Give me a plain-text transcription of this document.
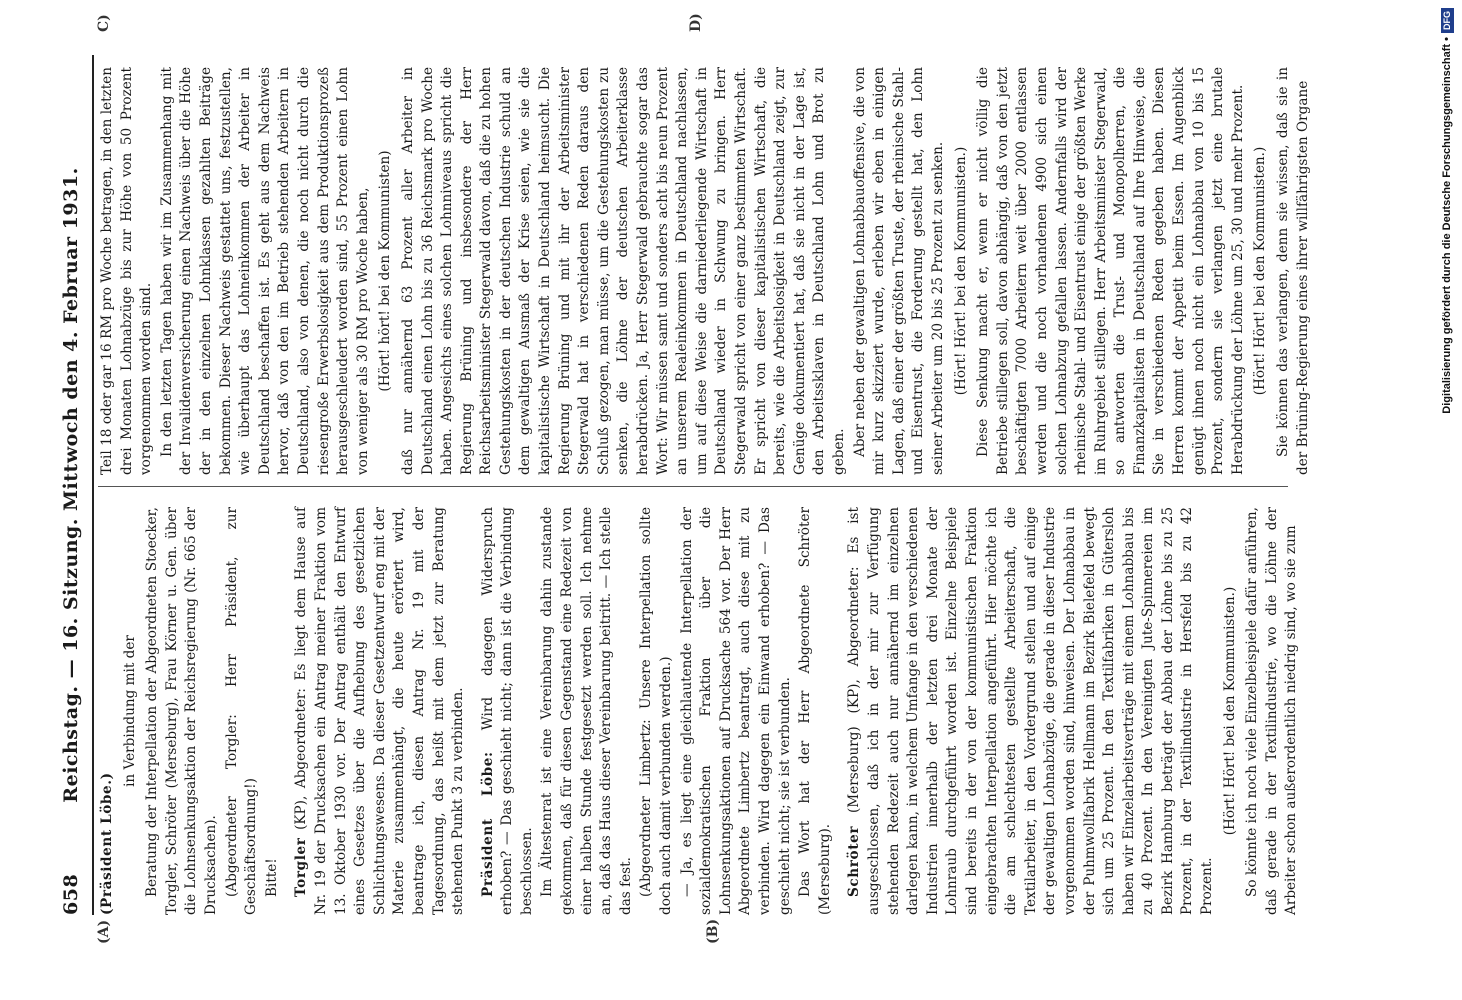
658
Reichstag. — 16. Sitzung. Mittwoch den 4. Februar 1931.
(A)	(B)
C)	D)

(Präsident Löbe.)

in Verbindung mit der Beratung der Interpellation der Abgeordneten Stoecker, Torgler, Schröter (Merseburg), Frau Körner u. Gen. über die Lohnsenkungsaktion der Reichsregierung (Nr. 665 der Drucksachen). (Abgeordneter Torgler: Herr Präsident, zur Geschäftsordnung!) Bitte! Torgler (KP), Abgeordneter: Es liegt dem Hause auf Nr. 19 der Drucksachen ein Antrag meiner Fraktion vom 13. Oktober 1930 vor. Der Antrag enthält den Entwurf eines Gesetzes über die Aufhebung des gesetzlichen Schlichtungswesens. Da dieser Gesetzentwurf eng mit der Materie zusammenhängt, die heute erörtert wird, beantrage ich, diesen Antrag Nr. 19 mit der Tagesordnung, das heißt mit dem jetzt zur Beratung stehenden Punkt 3 zu verbinden. Präsident Löbe: Wird dagegen Widerspruch erhoben? — Das geschieht nicht; dann ist die Verbindung beschlossen. Im Ältestenrat ist eine Vereinbarung dahin zustande gekommen, daß für diesen Gegenstand eine Redezeit von einer halben Stunde festgesetzt werden soll. Ich nehme an, daß das Haus dieser Vereinbarung beitritt. — Ich stelle das fest. (Abgeordneter Limbertz: Unsere Interpellation sollte doch auch damit verbunden werden.) — Ja, es liegt eine gleichlautende Interpellation der sozialdemokratischen Fraktion über die Lohnsenkungsaktionen auf Drucksache 564 vor. Der Herr Abgeordnete Limbertz beantragt, auch diese mit zu verbinden. Wird dagegen ein Einwand erhoben? — Das geschieht nicht; sie ist verbunden. Das Wort hat der Herr Abgeordnete Schröter (Merseburg). Schröter (Merseburg) (KP), Abgeordneter: Es ist ausgeschlossen, daß ich in der mir zur Verfügung stehenden Redezeit auch nur annähernd im einzelnen darlegen kann, in welchem Umfange in den verschiedenen Industrien innerhalb der letzten drei Monate der Lohnraub durchgeführt worden ist. Einzelne Beispiele sind bereits in der von der kommunistischen Fraktion eingebrachten Interpellation angeführt. Hier möchte ich die am schlechtesten gestellte Arbeiterschaft, die Textilarbeiter, in den Vordergrund stellen und auf einige der gewaltigen Lohnabzüge, die gerade in dieser Industrie vorgenommen worden sind, hinweisen. Der Lohnabbau in der Puhmwollfabrik Hellmann im Bezirk Bielefeld bewegt sich um 25 Prozent. In den Textilfabriken in Gütersloh haben wir Einzelarbeitsverträge mit einem Lohnabbau bis zu 40 Prozent. In den Vereinigten Jute-Spinnereien im Bezirk Hamburg beträgt der Abbau der Löhne bis zu 25 Prozent, in der Textilindustrie in Hersfeld bis zu 42 Prozent.

(Hört! Hört! bei den Kommunisten.) So könnte ich noch viele Einzelbeispiele dafür anführen, daß gerade in der Textilindustrie, wo die Löhne der Arbeiter schon außerordentlich niedrig sind, wo sie zum

Teil 18 oder gar 16 RM pro Woche betragen, in den letzten drei Monaten Lohnabzüge bis zur Höhe von 50 Prozent vorgenommen worden sind. In den letzten Tagen haben wir im Zusammenhang mit der Invalidenversicherung einen Nachweis über die Höhe der in den einzelnen Lohnklassen gezahlten Beiträge bekommen. Dieser Nachweis gestattet uns, festzustellen, wie überhaupt das Lohneinkommen der Arbeiter in Deutschland beschaffen ist. Es geht aus dem Nachweis hervor, daß von den im Betrieb stehenden Arbeitern in Deutschland, also von denen, die noch nicht durch die riesengroße Erwerbslosigkeit aus dem Produktionsprozeß herausgeschleudert worden sind, 55 Prozent einen Lohn von weniger als 30 RM pro Woche haben, (Hört! hört! bei den Kommunisten) daß nur annähernd 63 Prozent aller Arbeiter in Deutschland einen Lohn bis zu 36 Reichsmark pro Woche haben. Angesichts eines solchen Lohnniveaus spricht die Regierung Brüning und insbesondere der Herr Reichsarbeitsminister Stegerwald davon, daß die zu hohen Gestehungskosten in der deutschen Industrie schuld an dem gewaltigen Ausmaß der Krise seien, wie sie die kapitalistische Wirtschaft in Deutschland heimsucht. Die Regierung Brüning und mit ihr der Arbeitsminister Stegerwald hat in verschiedenen Reden daraus den Schluß gezogen, man müsse, um die Gestehungskosten zu senken, die Löhne der deutschen Arbeiterklasse herabdrücken. Ja, Herr Stegerwald gebrauchte sogar das Wort: Wir müssen samt und sonders acht bis neun Prozent an unserem Realeinkommen in Deutschland nachlassen, um auf diese Weise die darniederliegende Wirtschaft in Deutschland wieder in Schwung zu bringen. Herr Stegerwald spricht von einer ganz bestimmten Wirtschaft. Er spricht von dieser kapitalistischen Wirtschaft, die bereits, wie die Arbeitslosigkeit in Deutschland zeigt, zur Genüge dokumentiert hat, daß sie nicht in der Lage ist, den Arbeitssklaven in Deutschland Lohn und Brot zu geben. Aber neben der gewaltigen Lohnabbauoffensive, die von mir kurz skizziert wurde, erleben wir eben in einigen Lagen, daß einer der größten Truste, der rheinische Stahl- und Eisentrust, die Forderung gestellt hat, den Lohn seiner Arbeiter um 20 bis 25 Prozent zu senken. (Hört! Hört! bei den Kommunisten.) Diese Senkung macht er, wenn er nicht völlig die Betriebe stillegen soll, davon abhängig, daß von den jetzt beschäftigten 7000 Arbeitern weit über 2000 entlassen werden und die noch vorhandenen 4900 sich einen solchen Lohnabzug gefallen lassen. Andernfalls wird der rheinische Stahl- und Eisentrust einige der größten Werke im Ruhrgebiet stillegen. Herr Arbeitsminister Stegerwald, so antworten die Trust- und Monopolherren, die Finanzkapitalisten in Deutschland auf Ihre Hinweise, die Sie in verschiedenen Reden gegeben haben. Diesen Herren kommt der Appetit beim Essen. Im Augenblick genügt ihnen noch nicht ein Lohnabbau von 10 bis 15 Prozent, sondern sie verlangen jetzt eine brutale Herabdrückung der Löhne um 25, 30 und mehr Prozent. (Hört! Hört! bei den Kommunisten.) Sie können das verlangen, denn sie wissen, daß sie in der Brüning-Regierung eines ihrer willfährigsten Organe	Digitalisierung gefördert durch die Deutsche Forschungsgemeinschaft •DFG
